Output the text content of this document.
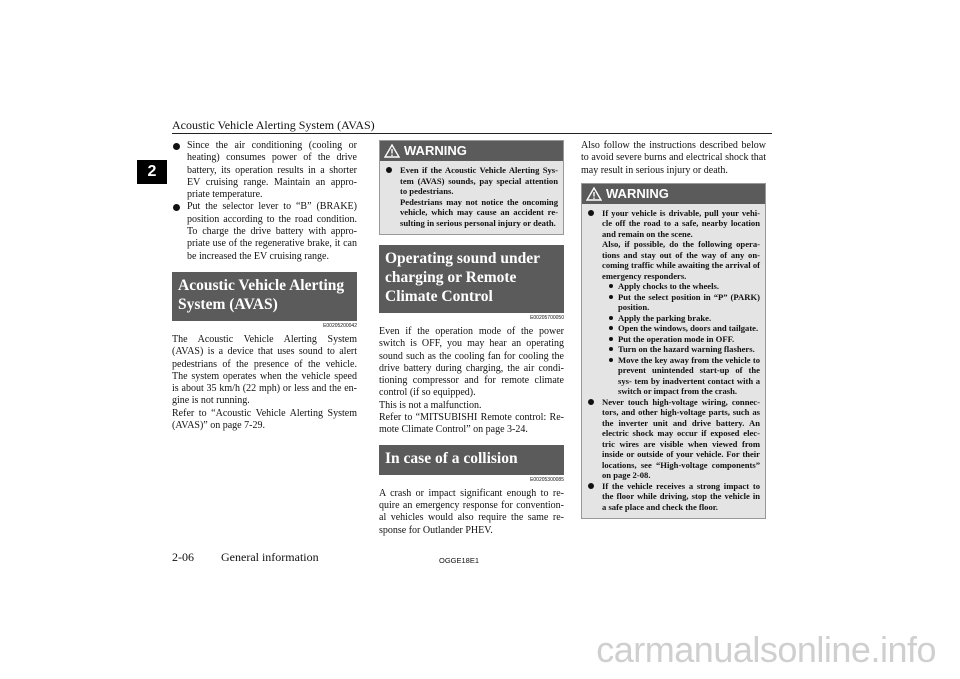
Acoustic Vehicle Alerting System (AVAS)
2
Since the air conditioning (cooling or heating) consumes power of the drive battery, its operation results in a shorter EV cruising range. Maintain an appro- priate temperature.
Put the selector lever to “B” (BRAKE) position according to the road condition. To charge the drive battery with appro- priate use of the regenerative brake, it can be increased the EV cruising range.
Acoustic Vehicle Alerting System (AVAS)
E00205200042

The Acoustic Vehicle Alerting System (AVAS) is a device that uses sound to alert pedestrians of the presence of the vehicle. The system operates when the vehicle speed is about 35 km/h (22 mph) or less and the en- gine is not running.

Refer to “Acoustic Vehicle Alerting System (AVAS)” on page 7-29.

WARNING
Even if the Acoustic Vehicle Alerting Sys- tem (AVAS) sounds, pay special attention to pedestrians.
Pedestrians may not notice the oncoming vehicle, which may cause an accident re- sulting in serious personal injury or death.
Operating sound under charging or Remote Climate Control
E00205700050

Even if the operation mode of the power switch is OFF, you may hear an operating sound such as the cooling fan for cooling the drive battery during charging, the air condi- tioning compressor and for remote climate control (if so equipped).

This is not a malfunction.

Refer to “MITSUBISHI Remote control: Re- mote Climate Control” on page 3-24.

In case of a collision
E00205300085

A crash or impact significant enough to re- quire an emergency response for convention- al vehicles would also require the same re- sponse for Outlander PHEV.

Also follow the instructions described below to avoid severe burns and electrical shock that may result in serious injury or death.

WARNING
If your vehicle is drivable, pull your vehi- cle off the road to a safe, nearby location and remain on the scene.
Also, if possible, do the following opera- tions and stay out of the way of any on- coming traffic while awaiting the arrival of emergency responders.
Apply chocks to the wheels.
Put the select position in “P” (PARK) position.
Apply the parking brake.
Open the windows, doors and tailgate.
Put the operation mode in OFF.
Turn on the hazard warning flashers.
Move the key away from the vehicle to prevent unintended start-up of the sys- tem by inadvertent contact with a switch or impact from the crash.
Never touch high-voltage wiring, connec- tors, and other high-voltage parts, such as the inverter unit and drive battery. An electric shock may occur if exposed elec- tric wires are visible when viewed from inside or outside of your vehicle. For their locations, see “High-voltage components” on page 2-08.
If the vehicle receives a strong impact to the floor while driving, stop the vehicle in a safe place and check the floor.
2-06 General information	OGGE18E1
carmanualsonline.info
